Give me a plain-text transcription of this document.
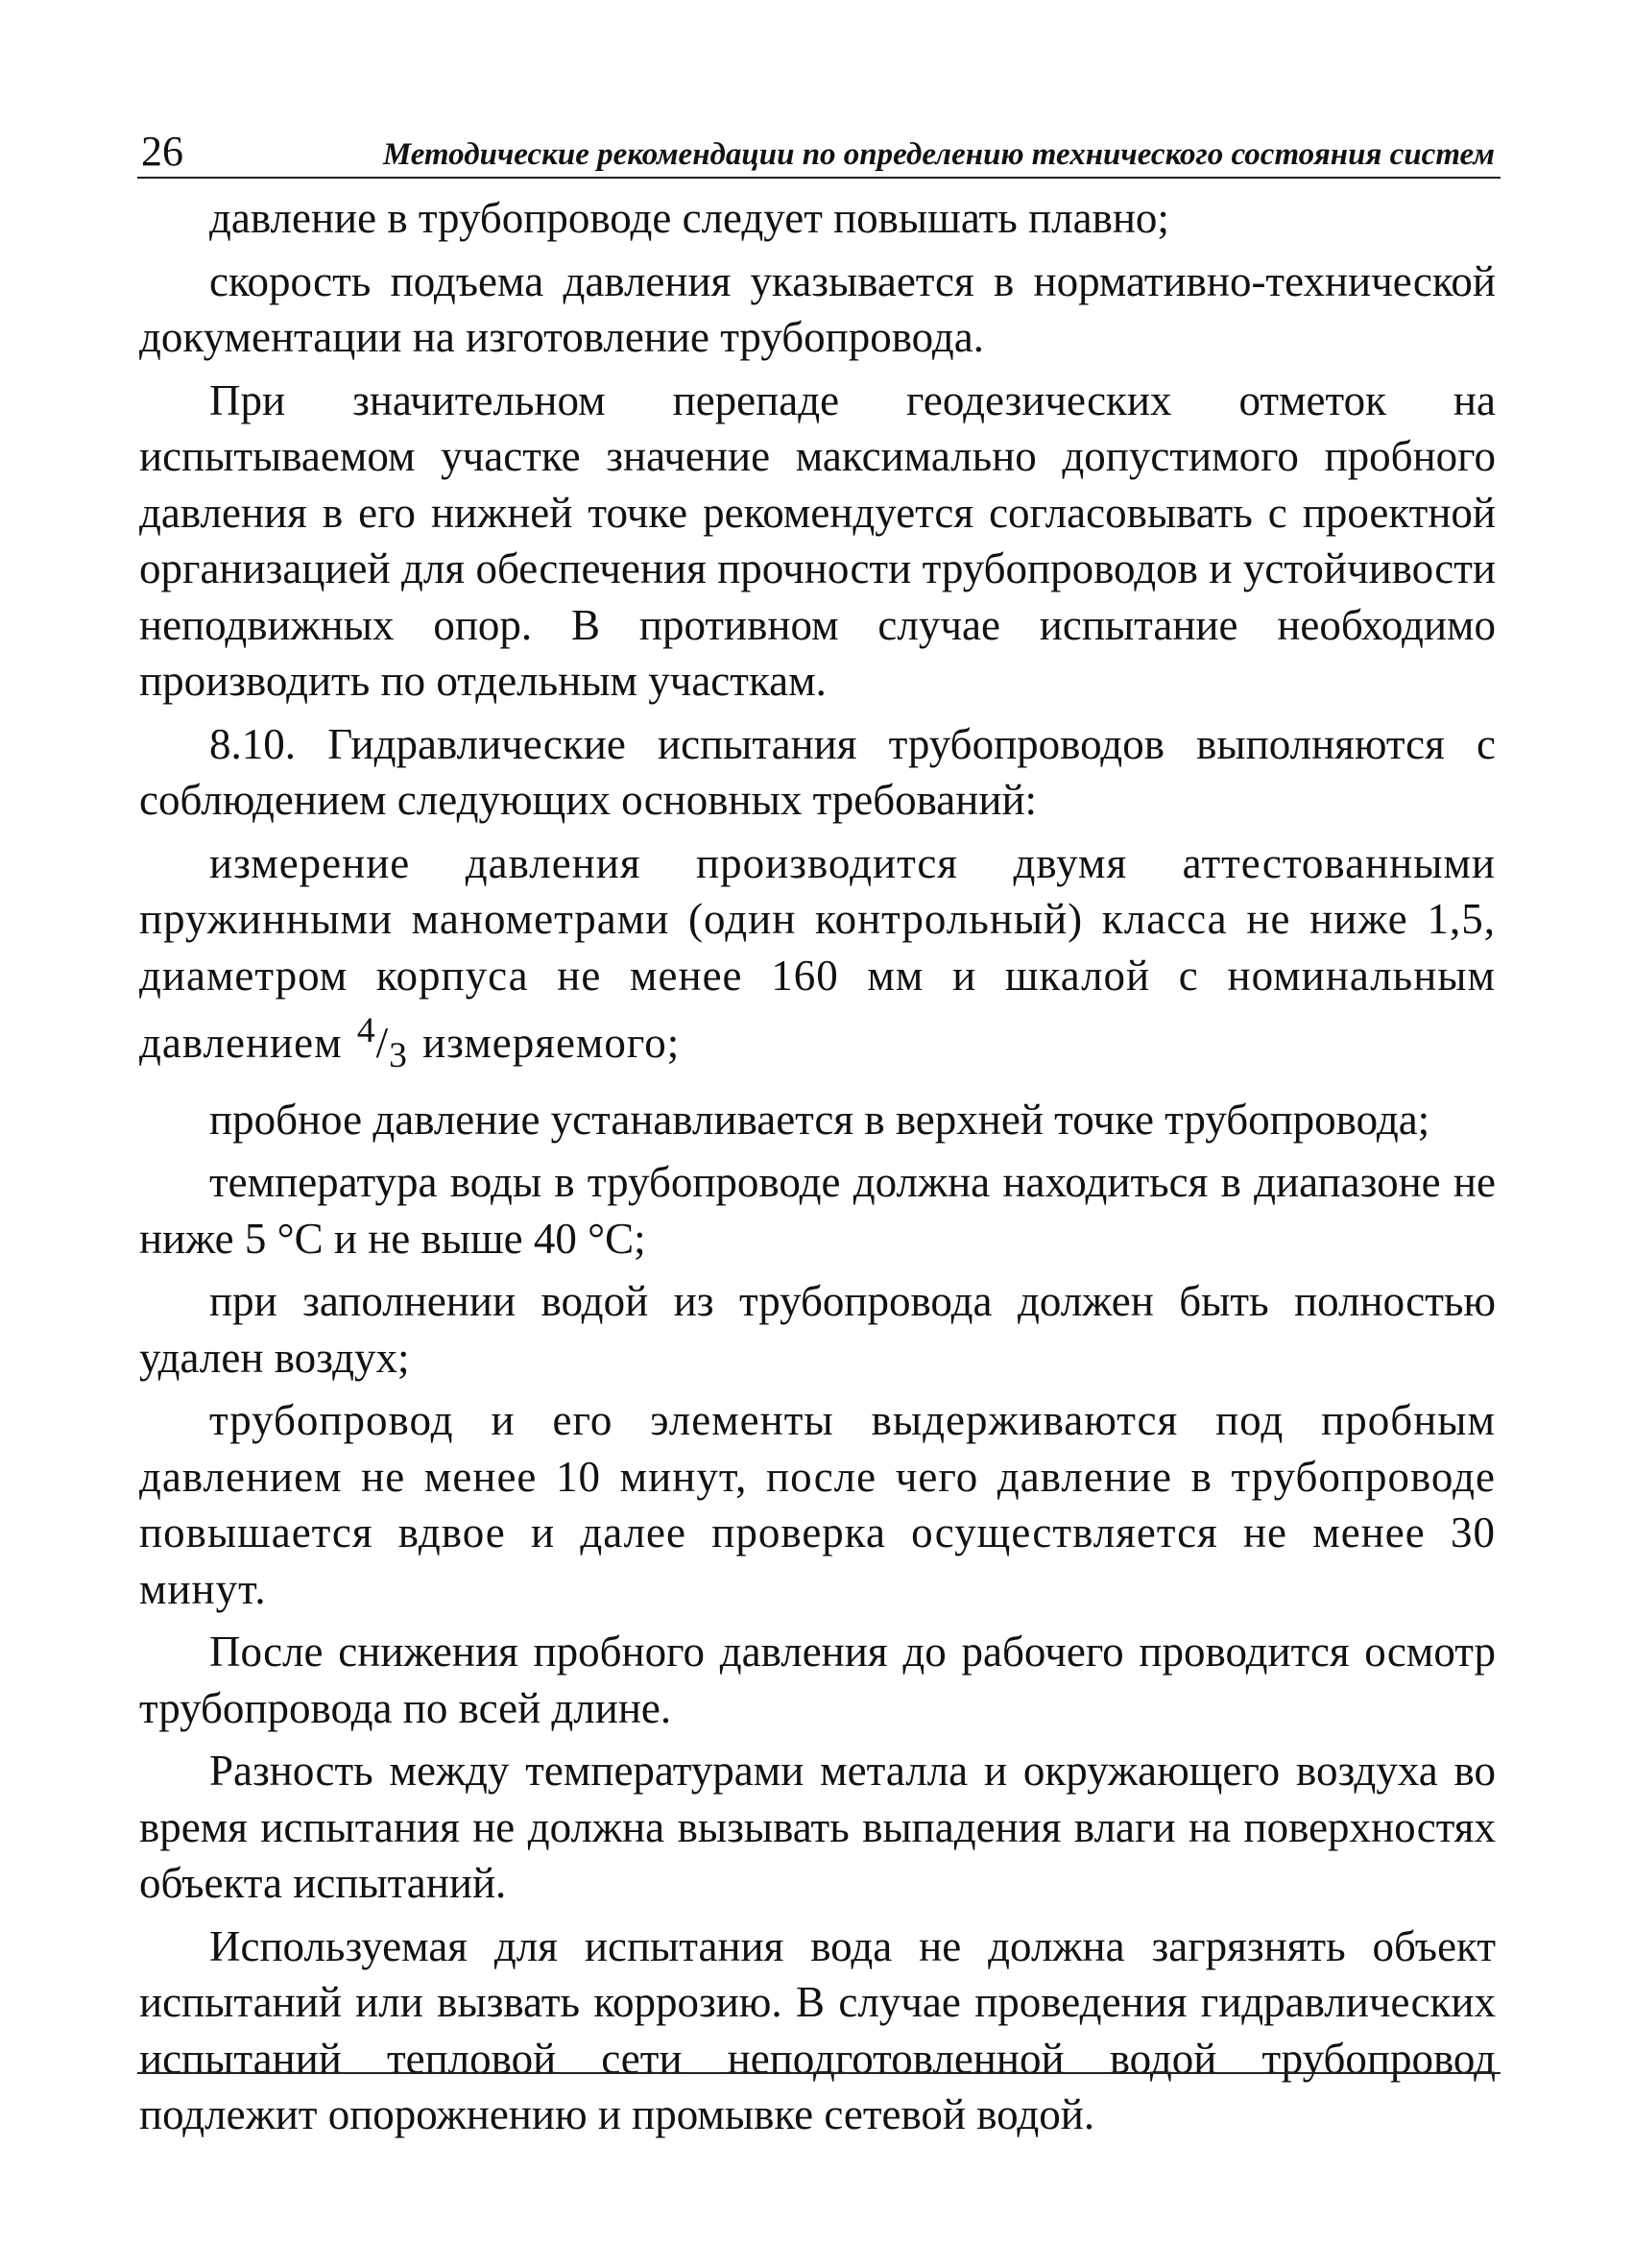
26	Методические рекомендации по определению технического состояния систем

давление в трубопроводе следует повышать плавно;

скорость подъема давления указывается в нормативно-технической документации на изготовление трубопровода.

При значительном перепаде геодезических отметок на испытываемом участке значение максимально допустимого пробного давления в его нижней точке рекомендуется согласовывать с проектной организацией для обеспечения прочности трубопроводов и устойчивости неподвижных опор. В противном случае испытание необходимо производить по отдельным участкам.

8.10. Гидравлические испытания трубопроводов выполняются с соблюдением следующих основных требований:

измерение давления производится двумя аттестованными пружинными манометрами (один контрольный) класса не ниже 1,5, диаметром корпуса не менее 160 мм и шкалой с номинальным давлением $^4/_3$ измеряемого;

пробное давление устанавливается в верхней точке трубопровода;

температура воды в трубопроводе должна находиться в диапазоне не ниже 5 °С и не выше 40 °С;

при заполнении водой из трубопровода должен быть полностью удален воздух;

трубопровод и его элементы выдерживаются под пробным давлением не менее 10 минут, после чего давление в трубопроводе повышается вдвое и далее проверка осуществляется не менее 30 минут.

После снижения пробного давления до рабочего проводится осмотр трубопровода по всей длине.

Разность между температурами металла и окружающего воздуха во время испытания не должна вызывать выпадения влаги на поверхностях объекта испытаний.

Используемая для испытания вода не должна загрязнять объект испытаний или вызвать коррозию. В случае проведения гидравлических испытаний тепловой сети неподготовленной водой трубопровод подлежит опорожнению и промывке сетевой водой.
